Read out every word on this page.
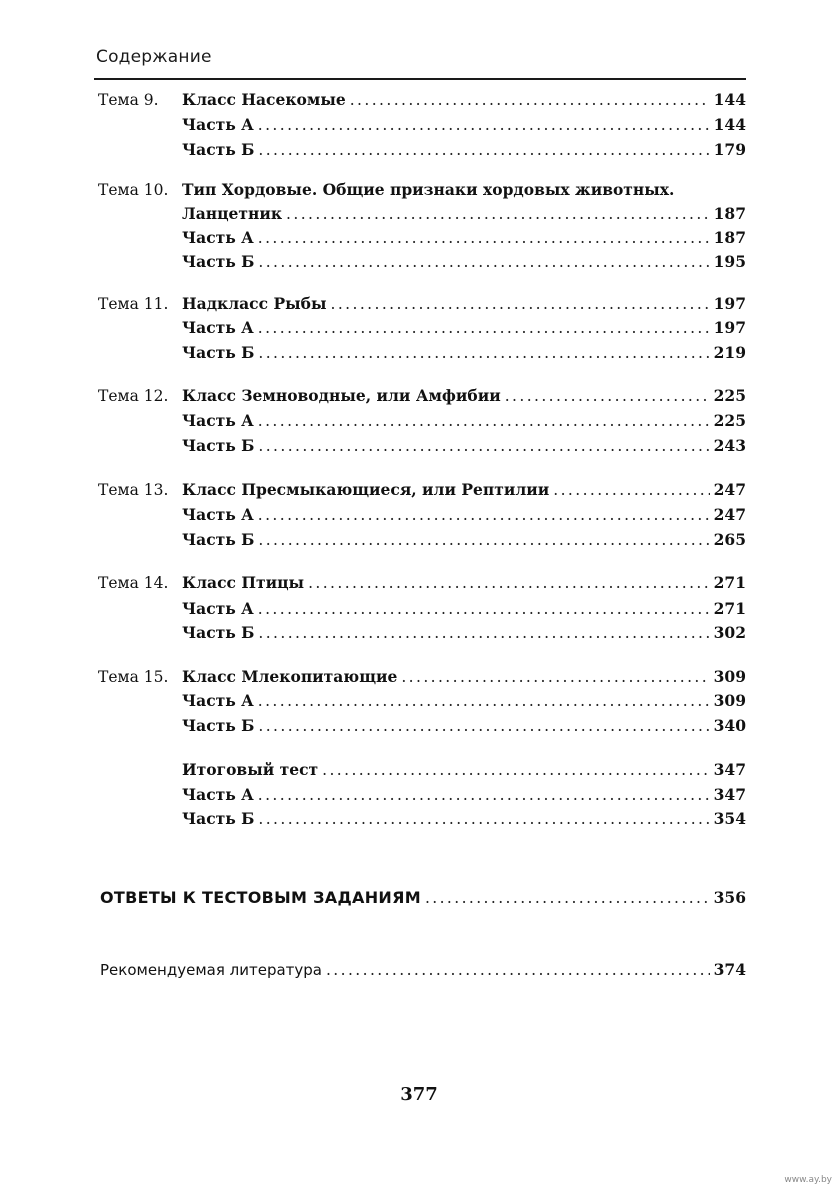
Содержание
Тема 9. Класс Насекомые .....	144
Часть А .....	144
Часть Б .....	179
Тема 10. Тип Хордовые. Общие признаки хордовых животных.
Ланцетник .....	187
Часть А .....	187
Часть Б .....	195
Тема 11. Надкласс Рыбы .....	197
Часть А .....	197
Часть Б .....	219
Тема 12. Класс Земноводные, или Амфибии .....	225
Часть А .....	225
Часть Б .....	243
Тема 13. Класс Пресмыкающиеся, или Рептилии .....	247
Часть А .....	247
Часть Б .....	265
Тема 14. Класс Птицы .....	271
Часть А .....	271
Часть Б .....	302
Тема 15. Класс Млекопитающие .....	309
Часть А .....	309
Часть Б .....	340
Итоговый тест .....	347
Часть А .....	347
Часть Б .....	354
ОТВЕТЫ К ТЕСТОВЫМ ЗАДАНИЯМ .....	356
Рекомендуемая литература .....	374
377
www.ay.by
